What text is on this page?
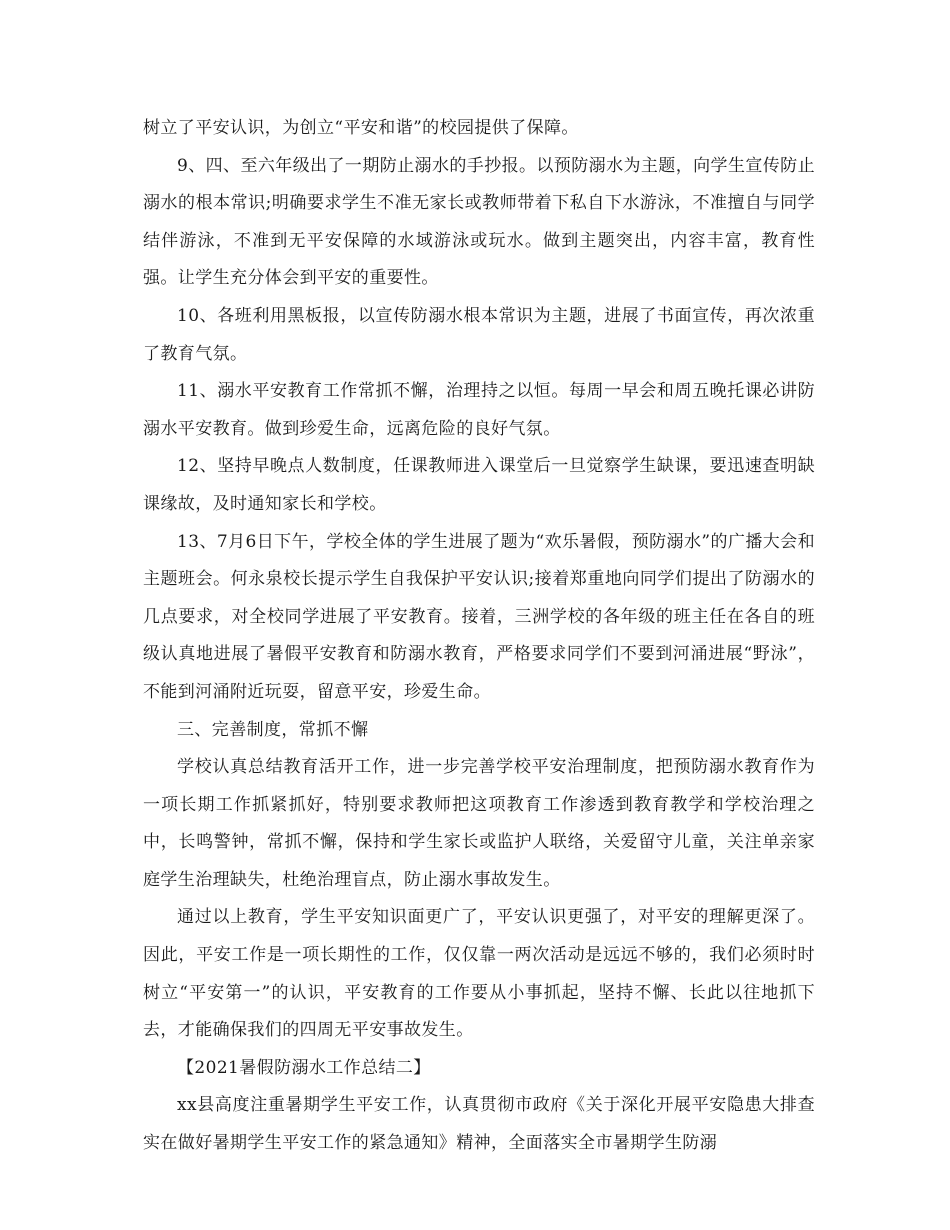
树立了平安认识，为创立“平安和谐”的校园提供了保障。

9、四、至六年级出了一期防止溺水的手抄报。以预防溺水为主题，向学生宣传防止溺水的根本常识;明确要求学生不准无家长或教师带着下私自下水游泳，不准擅自与同学结伴游泳，不准到无平安保障的水域游泳或玩水。做到主题突出，内容丰富，教育性强。让学生充分体会到平安的重要性。

10、各班利用黑板报，以宣传防溺水根本常识为主题，进展了书面宣传，再次浓重了教育气氛。

11、溺水平安教育工作常抓不懈，治理持之以恒。每周一早会和周五晚托课必讲防溺水平安教育。做到珍爱生命，远离危险的良好气氛。

12、坚持早晚点人数制度，任课教师进入课堂后一旦觉察学生缺课，要迅速查明缺课缘故，及时通知家长和学校。

13、7月6日下午，学校全体的学生进展了题为“欢乐暑假，预防溺水”的广播大会和主题班会。何永泉校长提示学生自我保护平安认识;接着郑重地向同学们提出了防溺水的几点要求，对全校同学进展了平安教育。接着，三洲学校的各年级的班主任在各自的班级认真地进展了暑假平安教育和防溺水教育，严格要求同学们不要到河涌进展“野泳”，不能到河涌附近玩耍，留意平安，珍爱生命。

三、完善制度，常抓不懈

学校认真总结教育活开工作，进一步完善学校平安治理制度，把预防溺水教育作为一项长期工作抓紧抓好，特别要求教师把这项教育工作渗透到教育教学和学校治理之中，长鸣警钟，常抓不懈，保持和学生家长或监护人联络，关爱留守儿童，关注单亲家庭学生治理缺失，杜绝治理盲点，防止溺水事故发生。

通过以上教育，学生平安知识面更广了，平安认识更强了，对平安的理解更深了。因此，平安工作是一项长期性的工作，仅仅靠一两次活动是远远不够的，我们必须时时树立“平安第一”的认识，平安教育的工作要从小事抓起，坚持不懈、长此以往地抓下去，才能确保我们的四周无平安事故发生。

【2021暑假防溺水工作总结二】

xx县高度注重暑期学生平安工作，认真贯彻市政府《关于深化开展平安隐患大排查实在做好暑期学生平安工作的紧急通知》精神，全面落实全市暑期学生防溺
